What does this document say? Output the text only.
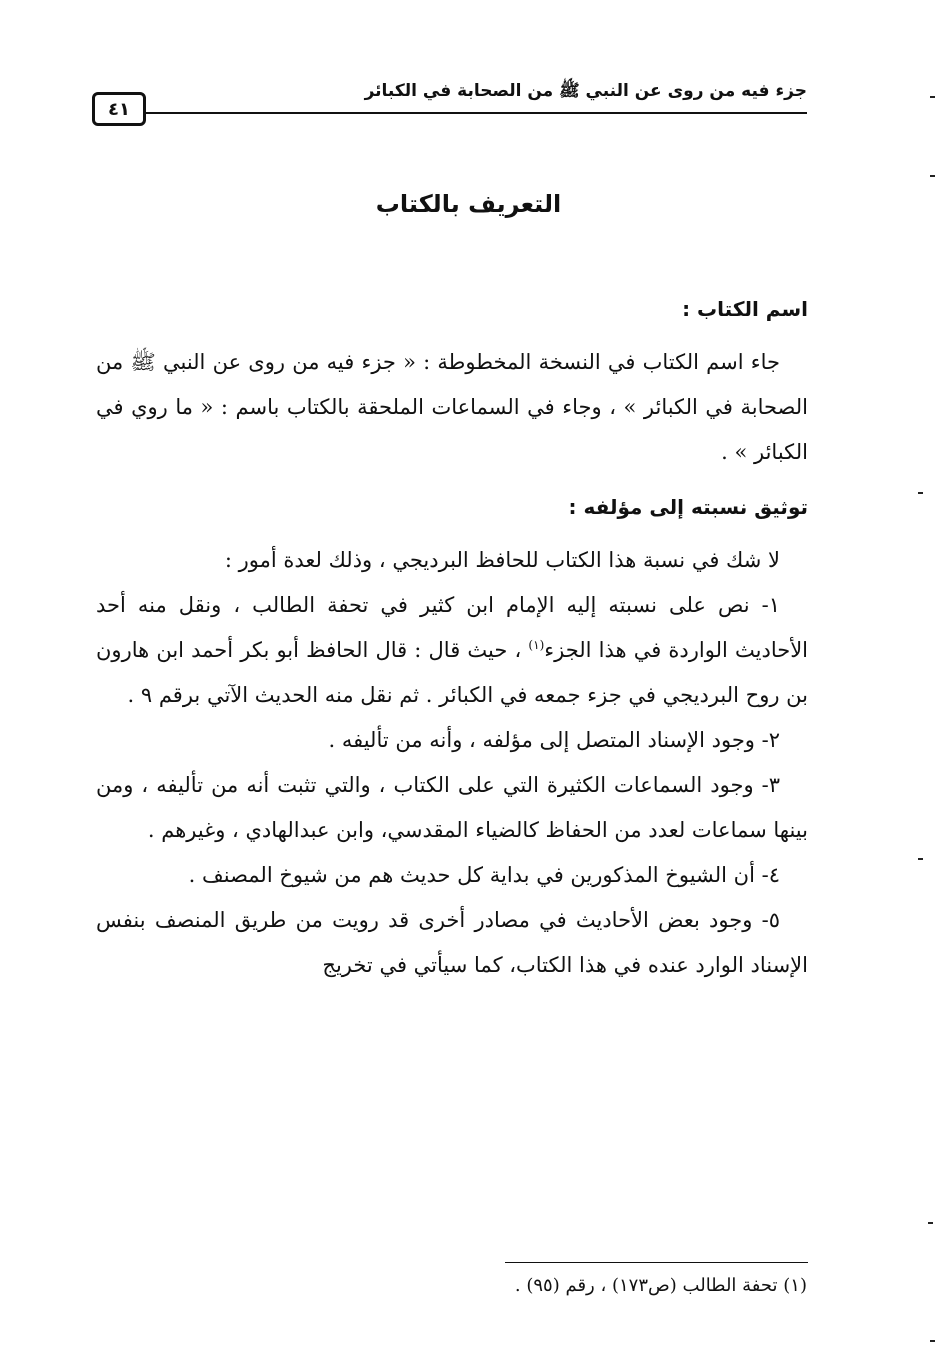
جزء فيه من روى عن النبي ﷺ من الصحابة في الكبائر
٤١
التعريف بالكتاب

اسم الكتاب :

جاء اسم الكتاب في النسخة المخطوطة : « جزء فيه من روى عن النبي ﷺ من الصحابة في الكبائر » ، وجاء في السماعات الملحقة بالكتاب باسم : « ما روي في الكبائر » .

توثيق نسبته إلى مؤلفه :

لا شك في نسبة هذا الكتاب للحافظ البرديجي ، وذلك لعدة أمور :

١- نص على نسبته إليه الإمام ابن كثير في تحفة الطالب ، ونقل منه أحد الأحاديث الواردة في هذا الجزء$^{(١)}$ ، حيث قال : قال الحافظ أبو بكر أحمد ابن هارون بن روح البرديجي في جزء جمعه في الكبائر . ثم نقل منه الحديث الآتي برقم ٩ .

٢- وجود الإسناد المتصل إلى مؤلفه ، وأنه من تأليفه .

٣- وجود السماعات الكثيرة التي على الكتاب ، والتي تثبت أنه من تأليفه ، ومن بينها سماعات لعدد من الحفاظ كالضياء المقدسي، وابن عبدالهادي ، وغيرهم .

٤- أن الشيوخ المذكورين في بداية كل حديث هم من شيوخ المصنف .

٥- وجود بعض الأحاديث في مصادر أخرى قد رويت من طريق المنصف بنفس الإسناد الوارد عنده في هذا الكتاب، كما سيأتي في تخريج

(١) تحفة الطالب (ص١٧٣) ، رقم (٩٥) .
